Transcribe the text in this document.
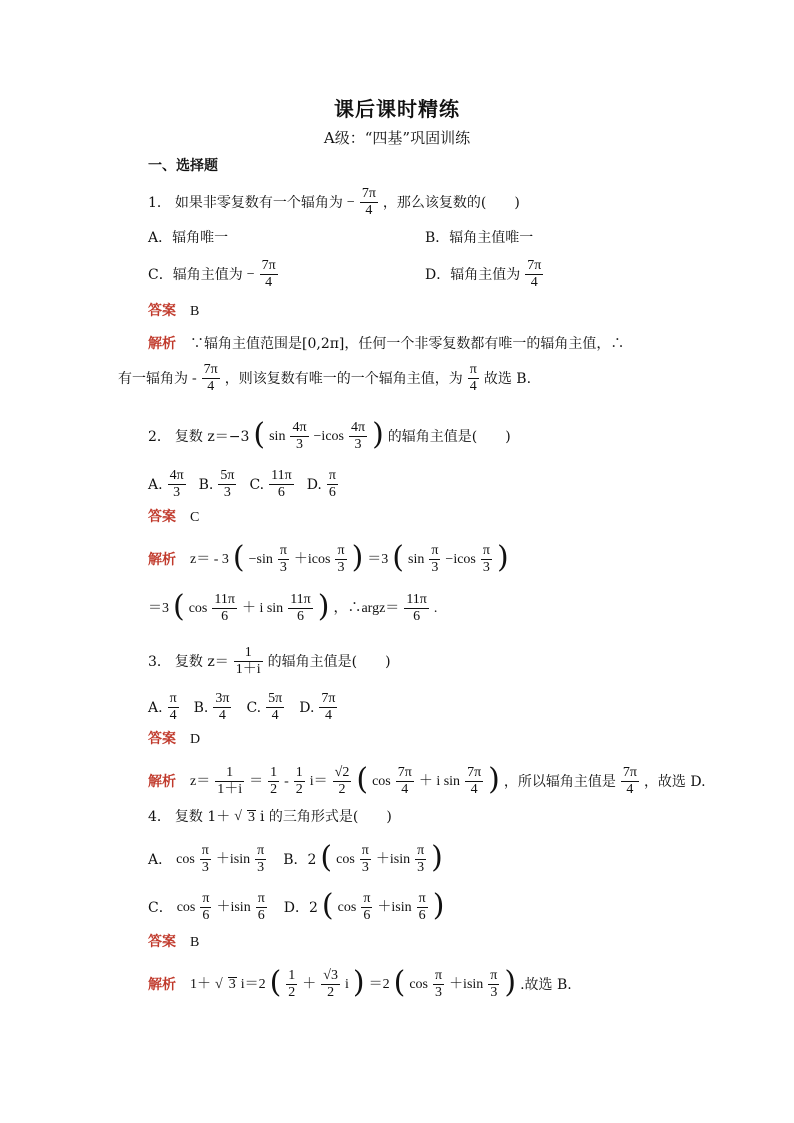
课后课时精练
A级：“四基”巩固训练
一、选择题
1． 如果非零复数有一个辐角为 − $\frac{7\pi}{4}$ ，那么该复数的(　　)
A．辐角唯一	B．辐角主值唯一
C．辐角主值为 − $\frac{7\pi}{4}$	D．辐角主值为 $\frac{7\pi}{4}$
答案　 B
解析　 ∵辐角主值范围是[0,2π]，任何一个非零复数都有唯一的辐角主值，∴
有一辐角为 - $\frac{7\pi}{4}$ ，则该复数有唯一的一个辐角主值，为 $\frac{\pi}{4}$ 故选 B.
2． 复数 z＝−3 ( $\sin \frac{4\pi}{3} -icos \frac{4\pi}{3}$ ) 的辐角主值是(　　)
A. $\frac{4\pi}{3} B$. $\frac{5\pi}{3} C$. $\frac{11\pi}{6} D$. $\frac{\pi}{6}$
答案　 C
解析 z＝ - 3 ( $-\sin \frac{\pi}{3} +icos \frac{\pi}{3}$ ) ＝3 ( $\sin \frac{\pi}{3} -icos \frac{\pi}{3}$ )
＝3 ( $\cos \frac{11\pi}{6} + i$ $\sin \frac{11\pi}{6}$ ) ，∴argz＝ $\frac{11\pi}{6}$ .
3． 复数 $z= \frac{1}{1+i}$ 的辐角主值是(　　)
A. $\frac{\pi}{4} B$. $\frac{3\pi}{4} C$. $\frac{5\pi}{4} D$. $\frac{7\pi}{4}$
答案　 D
解析 $z= \frac{1}{1+i} = \frac{1}{2} - \frac{1}{2} i= \frac{√2}{2}$ ( $\cos \frac{7\pi}{4} + i$ $\sin \frac{7\pi}{4}$ ) ，所以辐角主值是 $\frac{7\pi}{4}$ ，故选 D.
4． 复数 1＋ √ 3 i 的三角形式是(　　)
A． $\cos \frac{\pi}{3} +isin \frac{\pi}{3}$ B．2 ( $\cos \frac{\pi}{3} +isin \frac{\pi}{3}$ )
C． $\cos \frac{\pi}{6} +isin \frac{\pi}{6}$ D．2 ( $\cos \frac{\pi}{6} +isin \frac{\pi}{6}$ )
答案　 B
解析 1＋ √ 3 i＝2 ( $\frac{1}{2} + \frac{√3}{2}$ i ) ＝2 ( $\cos \frac{\pi}{3} +isin \frac{\pi}{3}$ ) .故选 B.
